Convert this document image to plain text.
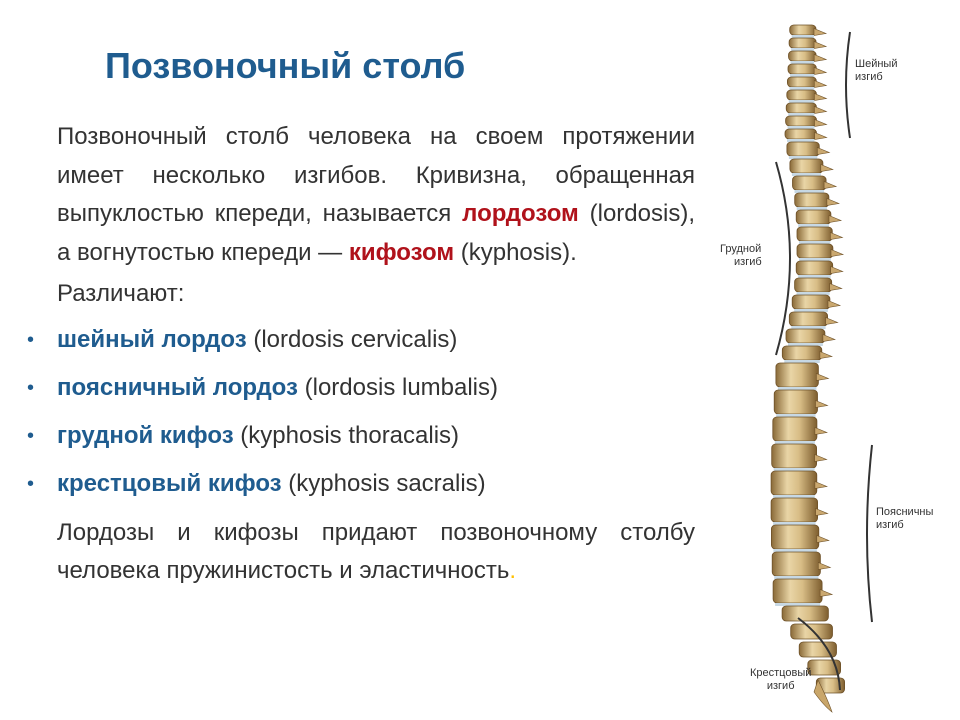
Позвоночный столб

Позвоночный столб человека на своем протяжении имеет несколько изгибов. Кривизна, обращенная выпуклостью кпереди, называется лордозом (lordosis), а вогнутостью кпереди — кифозом (kyphosis).

Различают:

• шейный лордоз (lordosis cervicalis)
• поясничный лордоз (lordosis lumbalis)
• грудной кифоз (kyphosis thoracalis)
• крестцовый кифоз (kyphosis sacralis)

Лордозы и кифозы придают позвоночному столбу человека пружинистость и эластичность.

Шейный
изгиб
Грудной
изгиб
Поясничны
изгиб
Крестцовый
изгиб
